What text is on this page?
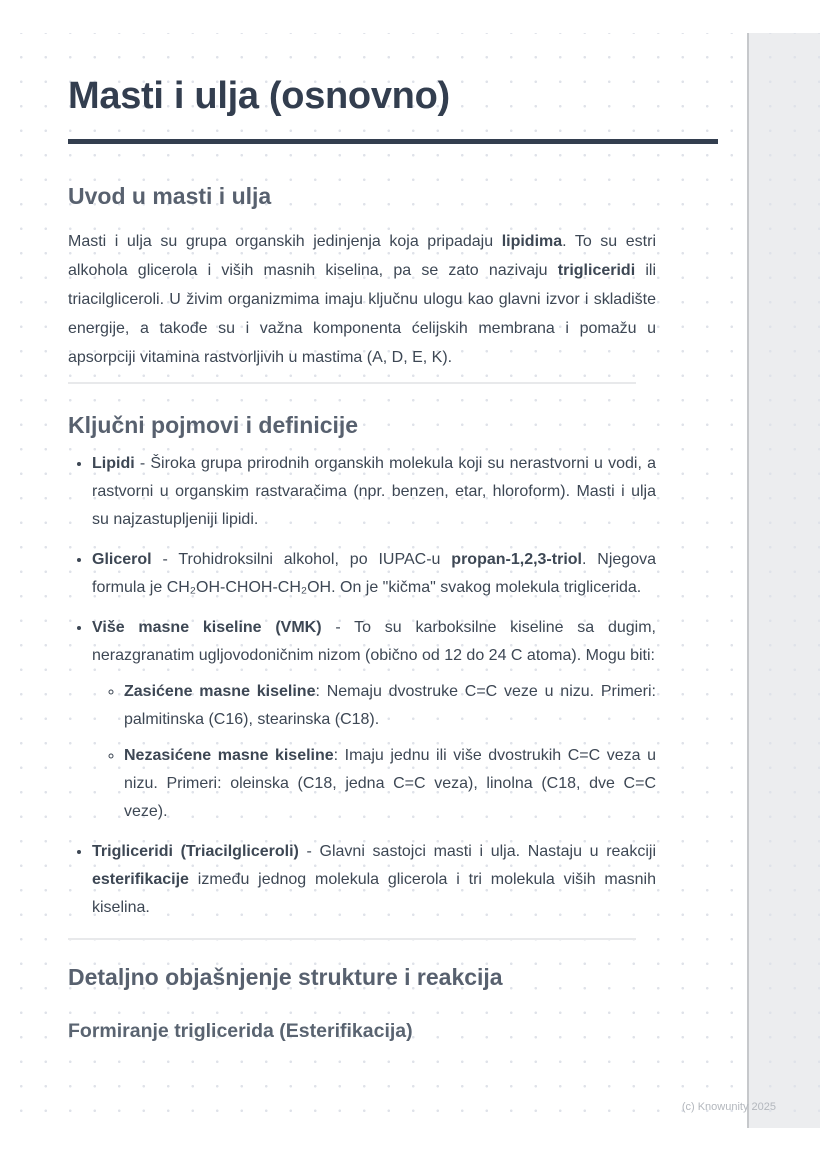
Masti i ulja (osnovno)
Uvod u masti i ulja

Masti i ulja su grupa organskih jedinjenja koja pripadaju lipidima. To su estri alkohola glicerola i viših masnih kiselina, pa se zato nazivaju trigliceridi ili triacilgliceroli. U živim organizmima imaju ključnu ulogu kao glavni izvor i skladište energije, a takođe su i važna komponenta ćelijskih membrana i pomažu u apsorpciji vitamina rastvorljivih u mastima (A, D, E, K).

Ključni pojmovi i definicije
• Lipidi - Široka grupa prirodnih organskih molekula koji su nerastvorni u vodi, a rastvorni u organskim rastvaračima (npr. benzen, etar, hloroform). Masti i ulja su najzastupljeniji lipidi.
• Glicerol - Trohidroksilni alkohol, po IUPAC-u propan-1,2,3-triol. Njegova formula je CH₂OH-CHOH-CH₂OH. On je "kičma" svakog molekula triglicerida.
• Više masne kiseline (VMK) - To su karboksilne kiseline sa dugim, nerazgranatim ugljovodoničnim nizom (obično od 12 do 24 C atoma). Mogu biti:
◦ Zasićene masne kiseline: Nemaju dvostruke C=C veze u nizu. Primeri: palmitinska (C16), stearinska (C18).
◦ Nezasićene masne kiseline: Imaju jednu ili više dvostrukih C=C veza u nizu. Primeri: oleinska (C18, jedna C=C veza), linolna (C18, dve C=C veze).
• Trigliceridi (Triacilgliceroli) - Glavni sastojci masti i ulja. Nastaju u reakciji esterifikacije između jednog molekula glicerola i tri molekula viših masnih kiselina.
Detaljno objašnjenje strukture i reakcija
Formiranje triglicerida (Esterifikacija)
(c) Knowunity 2025
